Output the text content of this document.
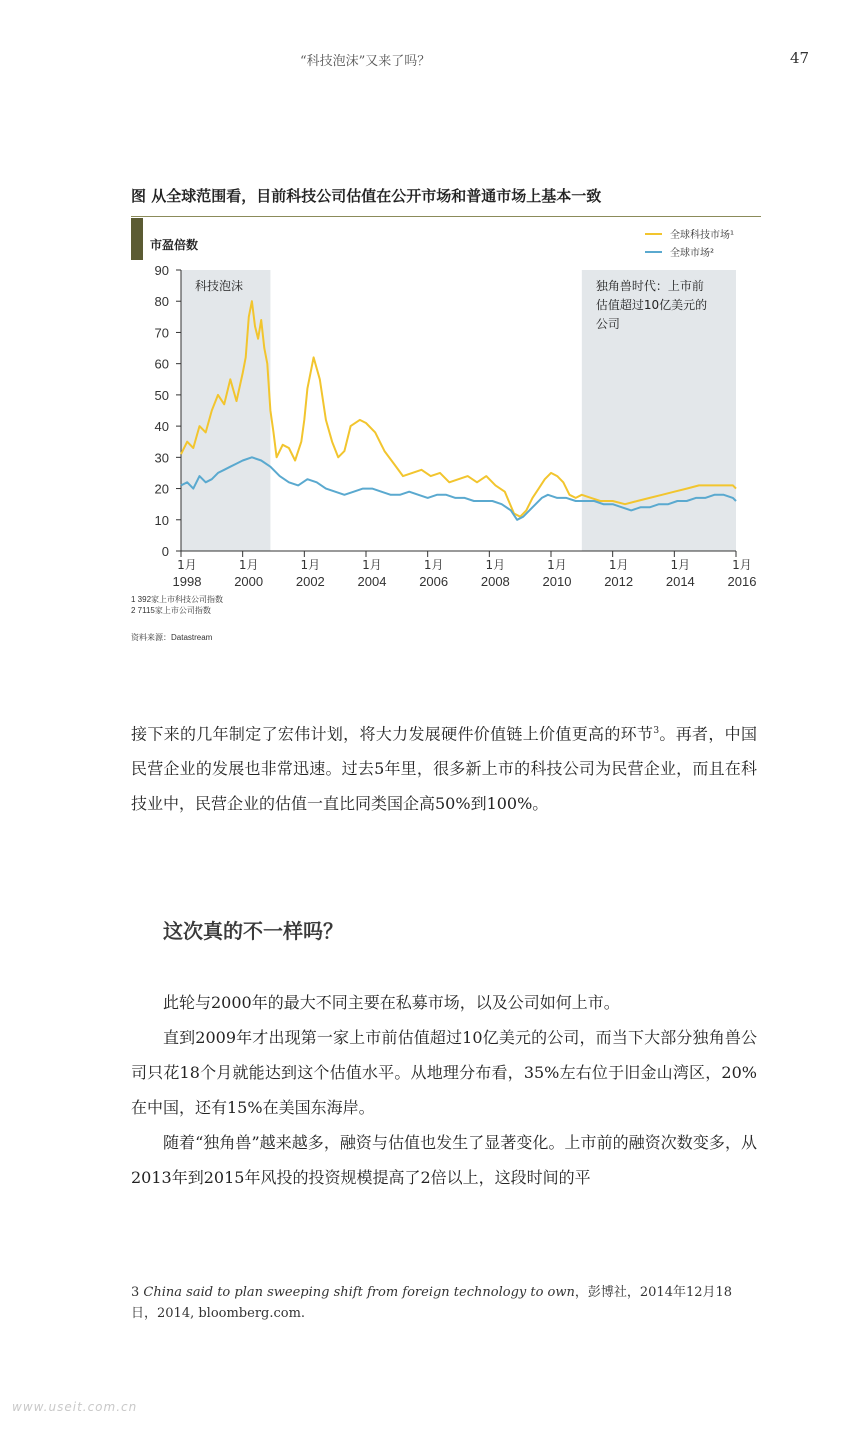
“科技泡沫”又来了吗？	47
图 从全球范围看，目前科技公司估值在公开市场和普通市场上基本一致
市盈倍数
科技泡沫	独角兽时代：上市前
估值超过10亿美元的
公司
0
10
20
30
40
50
60
70
80
90
1月
1998
1月
2000
1月
2002
1月
2004
1月
2006
1月
2008
1月
2010
1月
2012
1月
2014
1月
2016
全球科技市场¹
全球市场²
1 392家上市科技公司指数
2 7115家上市公司指数
资料来源：Datastream

接下来的几年制定了宏伟计划，将大力发展硬件价值链上价值更高的环节$^3$。再者，中国民营企业的发展也非常迅速。过去5年里，很多新上市的科技公司为民营企业，而且在科技业中，民营企业的估值一直比同类国企高50%到100%。

这次真的不一样吗？

此轮与2000年的最大不同主要在私募市场，以及公司如何上市。

直到2009年才出现第一家上市前估值超过10亿美元的公司，而当下大部分独角兽公司只花18个月就能达到这个估值水平。从地理分布看，35%左右位于旧金山湾区，20%在中国，还有15%在美国东海岸。

随着“独角兽”越来越多，融资与估值也发生了显著变化。上市前的融资次数变多，从2013年到2015年风投的投资规模提高了2倍以上，这段时间的平

3 China said to plan sweeping shift from foreign technology to own，彭博社，2014年12月18日，2014, bloomberg.com.
www.useit.com.cn
